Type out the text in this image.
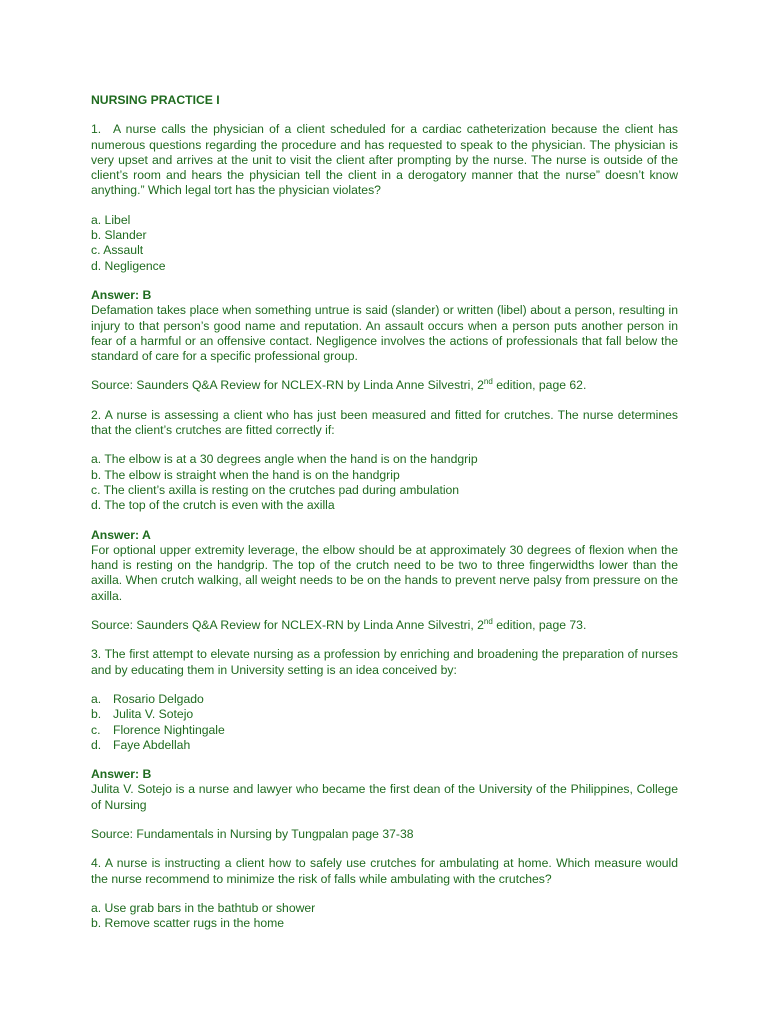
NURSING PRACTICE I

1. A nurse calls the physician of a client scheduled for a cardiac catheterization because the client has numerous questions regarding the procedure and has requested to speak to the physician. The physician is very upset and arrives at the unit to visit the client after prompting by the nurse. The nurse is outside of the client’s room and hears the physician tell the client in a derogatory manner that the nurse” doesn’t know anything.” Which legal tort has the physician violates?

a. Libel

b. Slander

c. Assault

d. Negligence

Answer: B

Defamation takes place when something untrue is said (slander) or written (libel) about a person, resulting in injury to that person’s good name and reputation. An assault occurs when a person puts another person in fear of a harmful or an offensive contact. Negligence involves the actions of professionals that fall below the standard of care for a specific professional group.

Source: Saunders Q&A Review for NCLEX-RN by Linda Anne Silvestri, 2nd edition, page 62.

2. A nurse is assessing a client who has just been measured and fitted for crutches. The nurse determines that the client’s crutches are fitted correctly if:

a. The elbow is at a 30 degrees angle when the hand is on the handgrip

b. The elbow is straight when the hand is on the handgrip

c. The client’s axilla is resting on the crutches pad during ambulation

d. The top of the crutch is even with the axilla

Answer: A

For optional upper extremity leverage, the elbow should be at approximately 30 degrees of flexion when the hand is resting on the handgrip. The top of the crutch need to be two to three fingerwidths lower than the axilla. When crutch walking, all weight needs to be on the hands to prevent nerve palsy from pressure on the axilla.

Source: Saunders Q&A Review for NCLEX-RN by Linda Anne Silvestri, 2nd edition, page 73.

3. The first attempt to elevate nursing as a profession by enriching and broadening the preparation of nurses and by educating them in University setting is an idea conceived by:

a. Rosario Delgado

b. Julita V. Sotejo

c. Florence Nightingale

d. Faye Abdellah

Answer: B

Julita V. Sotejo is a nurse and lawyer who became the first dean of the University of the Philippines, College of Nursing

Source: Fundamentals in Nursing by Tungpalan page 37-38

4. A nurse is instructing a client how to safely use crutches for ambulating at home. Which measure would the nurse recommend to minimize the risk of falls while ambulating with the crutches?

a. Use grab bars in the bathtub or shower

b. Remove scatter rugs in the home
